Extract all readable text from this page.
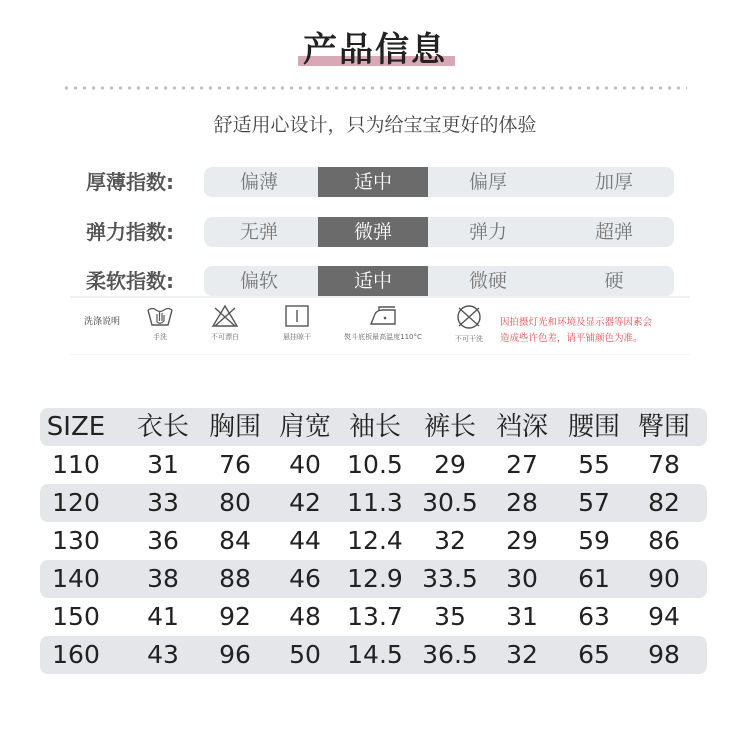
产品信息
舒适用心设计，只为给宝宝更好的体验
厚薄指数:	偏薄	适中	偏厚	加厚
弹力指数:	无弹	微弹	弹力	超弹
柔软指数:	偏软	适中	微硬	硬
洗涤说明
手洗	不可漂白	悬挂晾干	熨斗底板最高温度110°C	不可干洗
因拍摄灯光和环境及显示器等因素会
造成些许色差，请平铺颜色为准。
SIZE	衣长 胸围 肩宽 袖长 裤长 裆深 腰围 臀围
110	31	76	40	10.5	29	27	55	78
120	33	80	42	11.3 30.5	28	57	82
130	36	84	44	12.4	32	29	59	86
140	38	88	46	12.9 33.5	30	61	90
150	41	92	48	13.7	35	31	63	94
160	43	96	50	14.5 36.5	32	65	98
